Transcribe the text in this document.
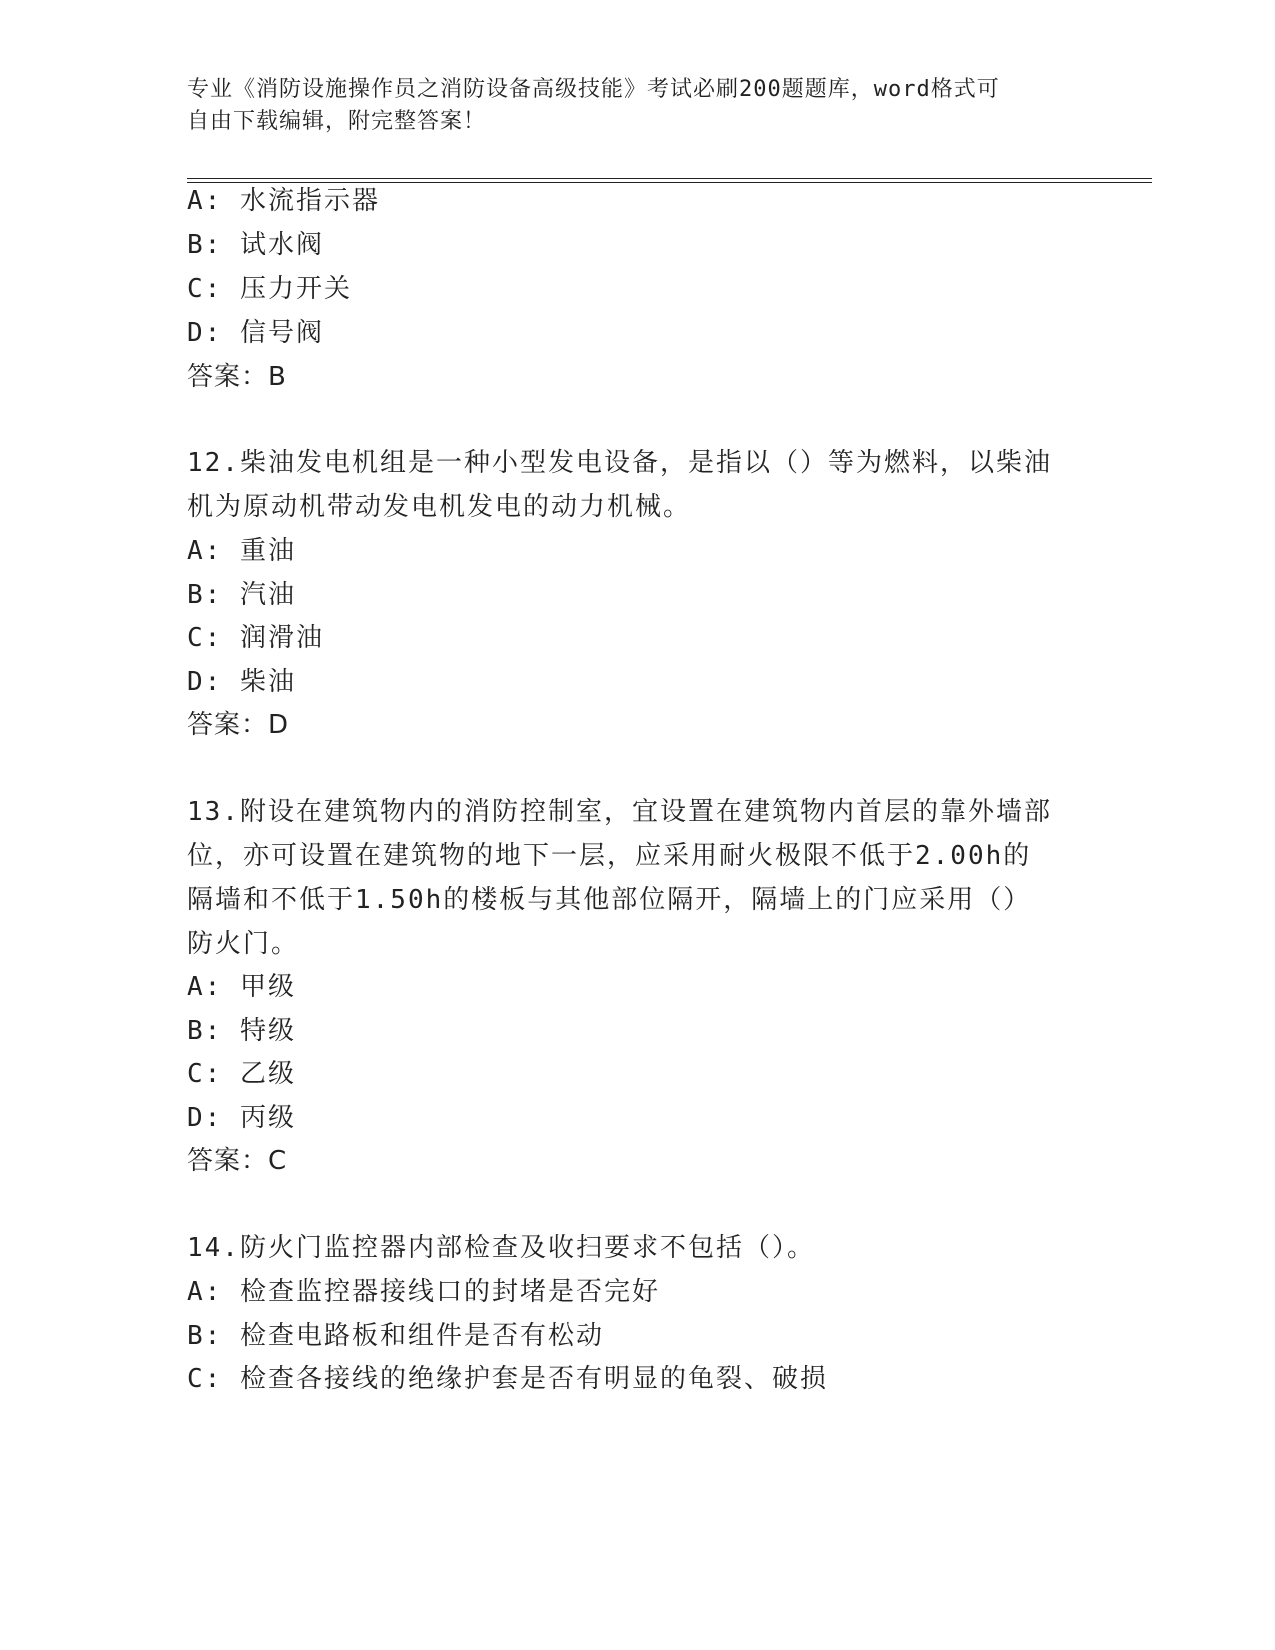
专业《消防设施操作员之消防设备高级技能》考试必刷200题题库，word格式可
自由下载编辑，附完整答案！
A: 水流指示器
B: 试水阀
C: 压力开关
D: 信号阀
答案：B
12.柴油发电机组是一种小型发电设备，是指以（）等为燃料，以柴油
机为原动机带动发电机发电的动力机械。
A: 重油
B: 汽油
C: 润滑油
D: 柴油
答案：D
13.附设在建筑物内的消防控制室，宜设置在建筑物内首层的靠外墙部
位，亦可设置在建筑物的地下一层，应采用耐火极限不低于2.00h的
隔墙和不低于1.50h的楼板与其他部位隔开，隔墙上的门应采用（）
防火门。
A: 甲级
B: 特级
C: 乙级
D: 丙级
答案：C
14.防火门监控器内部检查及收扫要求不包括（）。
A: 检查监控器接线口的封堵是否完好
B: 检查电路板和组件是否有松动
C: 检查各接线的绝缘护套是否有明显的龟裂、破损
